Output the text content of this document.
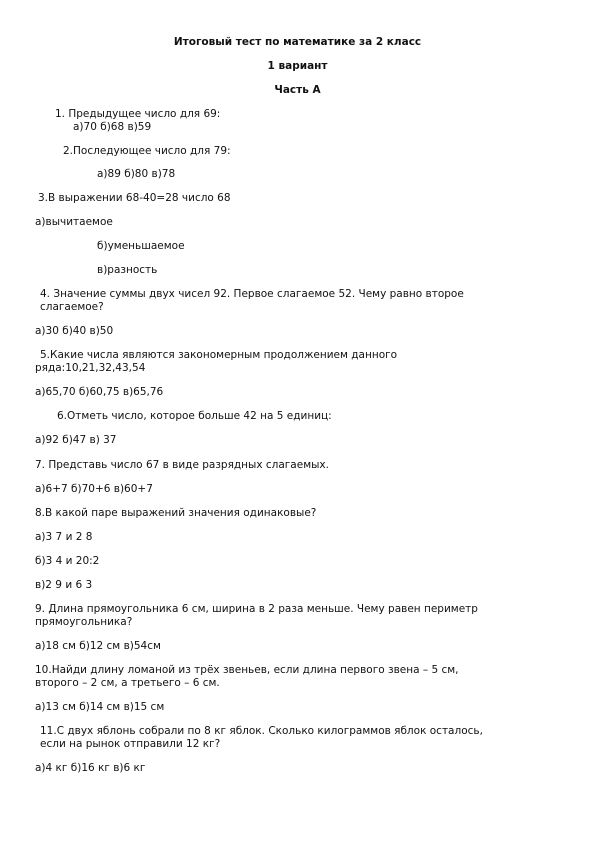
Итоговый тест по математике за 2 класс
1 вариант
Часть А
1. Предыдущее число для 69:
а)70 б)68 в)59
2.Последующее число для 79:
а)89 б)80 в)78
3.В выражении 68-40=28 число 68
а)вычитаемое
б)уменьшаемое
в)разность
4. Значение суммы двух чисел 92. Первое слагаемое 52. Чему равно второе
слагаемое?
а)30 б)40 в)50
5.Какие числа являются закономерным продолжением данного
ряда:10,21,32,43,54
а)65,70 б)60,75 в)65,76
6.Отметь число, которое больше 42 на 5 единиц:
а)92 б)47 в) 37
7. Представь число 67 в виде разрядных слагаемых.
а)6+7 б)70+6 в)60+7
8.В какой паре выражений значения одинаковые?
а)3 7 и 2 8
б)3 4 и 20:2
в)2 9 и 6 3
9. Длина прямоугольника 6 см, ширина в 2 раза меньше. Чему равен периметр
прямоугольника?
а)18 см б)12 см в)54см
10.Найди длину ломаной из трёх звеньев, если длина первого звена – 5 см,
второго – 2 см, а третьего – 6 см.
а)13 см б)14 см в)15 см
11.С двух яблонь собрали по 8 кг яблок. Сколько килограммов яблок осталось,
если на рынок отправили 12 кг?
а)4 кг б)16 кг в)6 кг
